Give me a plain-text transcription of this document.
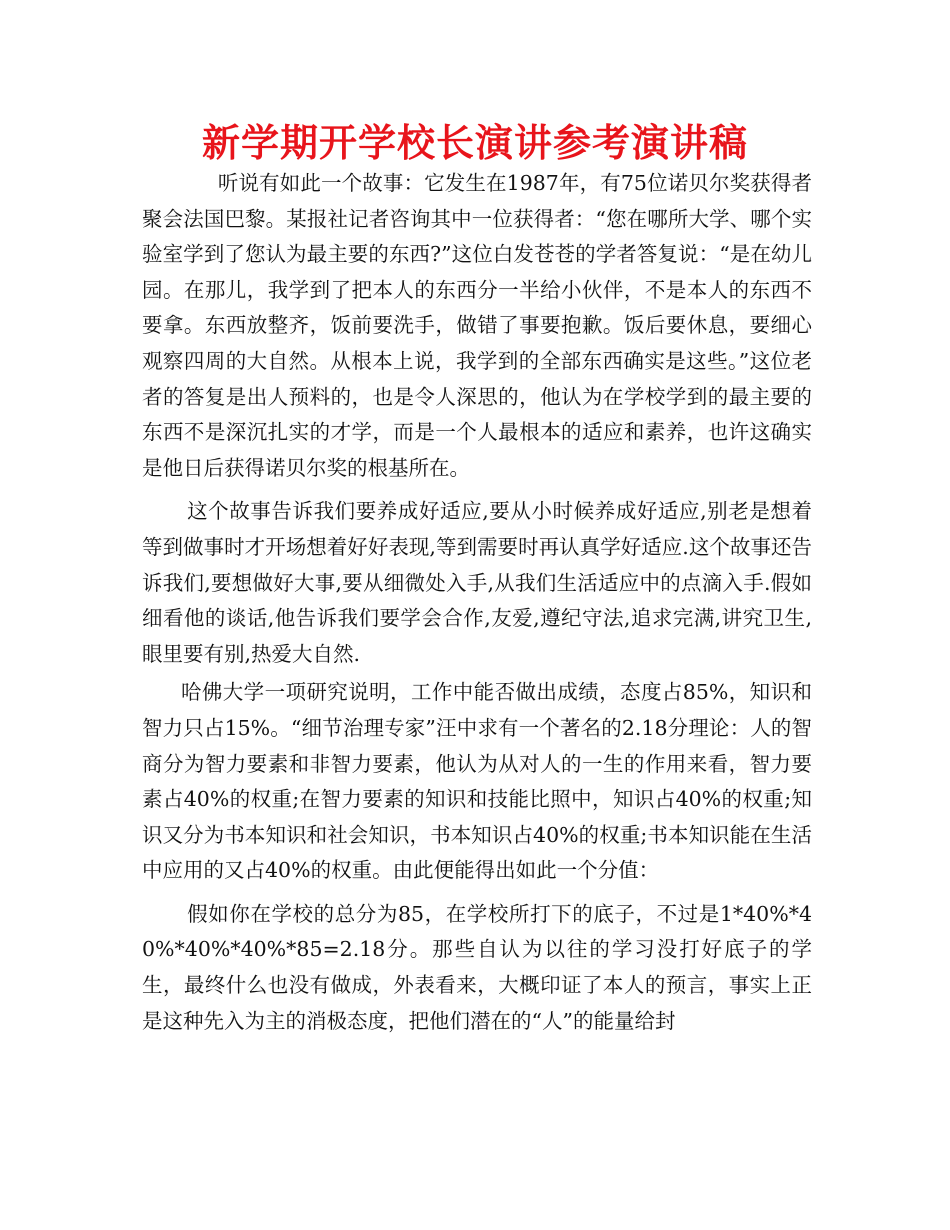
新学期开学校长演讲参考演讲稿

听说有如此一个故事：它发生在1987年，有75位诺贝尔奖获得者聚会法国巴黎。某报社记者咨询其中一位获得者：“您在哪所大学、哪个实验室学到了您认为最主要的东西?”这位白发苍苍的学者答复说：“是在幼儿园。在那儿，我学到了把本人的东西分一半给小伙伴，不是本人的东西不要拿。东西放整齐，饭前要洗手，做错了事要抱歉。饭后要休息，要细心观察四周的大自然。从根本上说，我学到的全部东西确实是这些。”这位老者的答复是出人预料的，也是令人深思的，他认为在学校学到的最主要的东西不是深沉扎实的才学，而是一个人最根本的适应和素养，也许这确实是他日后获得诺贝尔奖的根基所在。

这个故事告诉我们要养成好适应,要从小时候养成好适应,别老是想着等到做事时才开场想着好好表现,等到需要时再认真学好适应.这个故事还告诉我们,要想做好大事,要从细微处入手,从我们生活适应中的点滴入手.假如细看他的谈话,他告诉我们要学会合作,友爱,遵纪守法,追求完满,讲究卫生,眼里要有别,热爱大自然.

哈佛大学一项研究说明，工作中能否做出成绩，态度占85%，知识和智力只占15%。“细节治理专家”汪中求有一个著名的2.18分理论：人的智商分为智力要素和非智力要素，他认为从对人的一生的作用来看，智力要素占40%的权重;在智力要素的知识和技能比照中，知识占40%的权重;知识又分为书本知识和社会知识，书本知识占40%的权重;书本知识能在生活中应用的又占40%的权重。由此便能得出如此一个分值：

假如你在学校的总分为85，在学校所打下的底子，不过是1*40%*40%*40%*40%*85=2.18分。那些自认为以往的学习没打好底子的学生，最终什么也没有做成，外表看来，大概印证了本人的预言，事实上正是这种先入为主的消极态度，把他们潜在的“人”的能量给封
